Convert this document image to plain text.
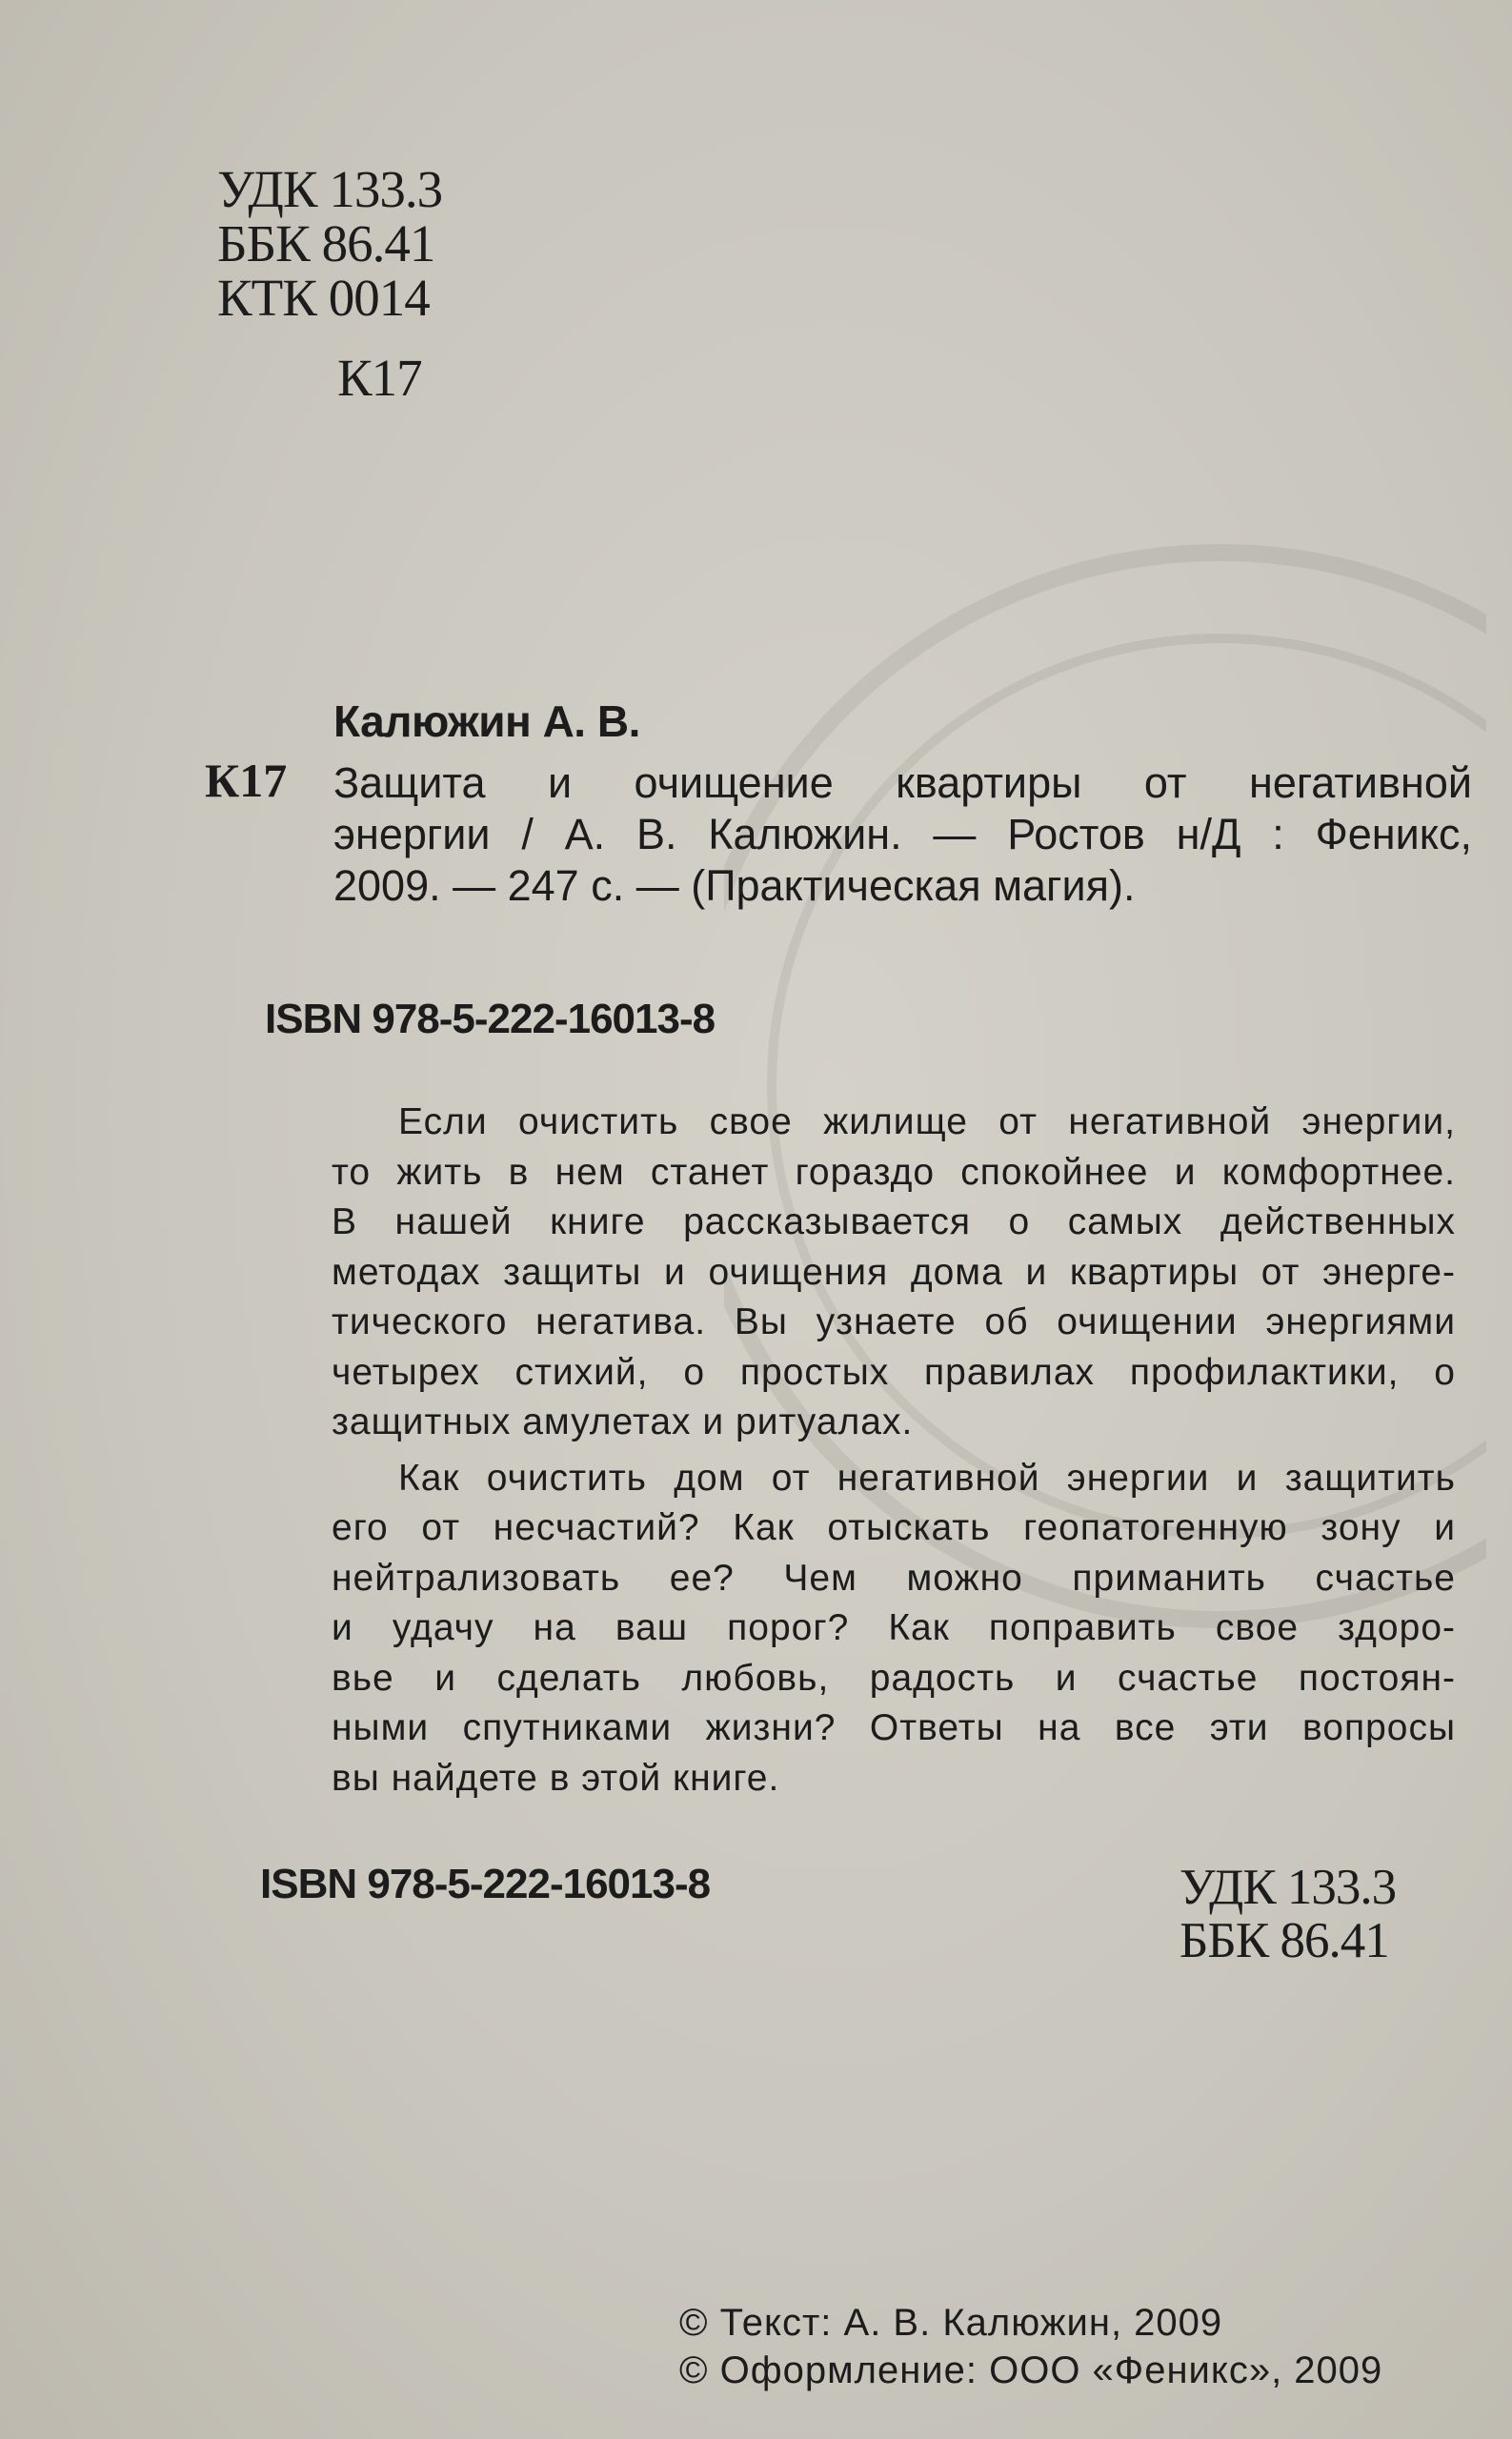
УДК 133.3
ББК 86.41
КТК 0014
К17
Калюжин А. В.
К17 Защита и очищение квартиры от негативной
энергии / А. В. Калюжин. — Ростов н/Д : Феникс,
2009. — 247 с. — (Практическая магия).
ISBN 978-5-222-16013-8
Если очистить свое жилище от негативной энергии,
то жить в нем станет гораздо спокойнее и комфортнее.
В нашей книге рассказывается о самых действенных
методах защиты и очищения дома и квартиры от энерге-
тического негатива. Вы узнаете об очищении энергиями
четырех стихий, о простых правилах профилактики, о
защитных амулетах и ритуалах.
Как очистить дом от негативной энергии и защитить
его от несчастий? Как отыскать геопатогенную зону и
нейтрализовать ее? Чем можно приманить счастье
и удачу на ваш порог? Как поправить свое здоро-
вье и сделать любовь, радость и счастье постоян-
ными спутниками жизни? Ответы на все эти вопросы
вы найдете в этой книге.
ISBN 978-5-222-16013-8	УДК 133.3
ББК 86.41
© Текст: А. В. Калюжин, 2009
© Оформление: ООО «Феникс», 2009
